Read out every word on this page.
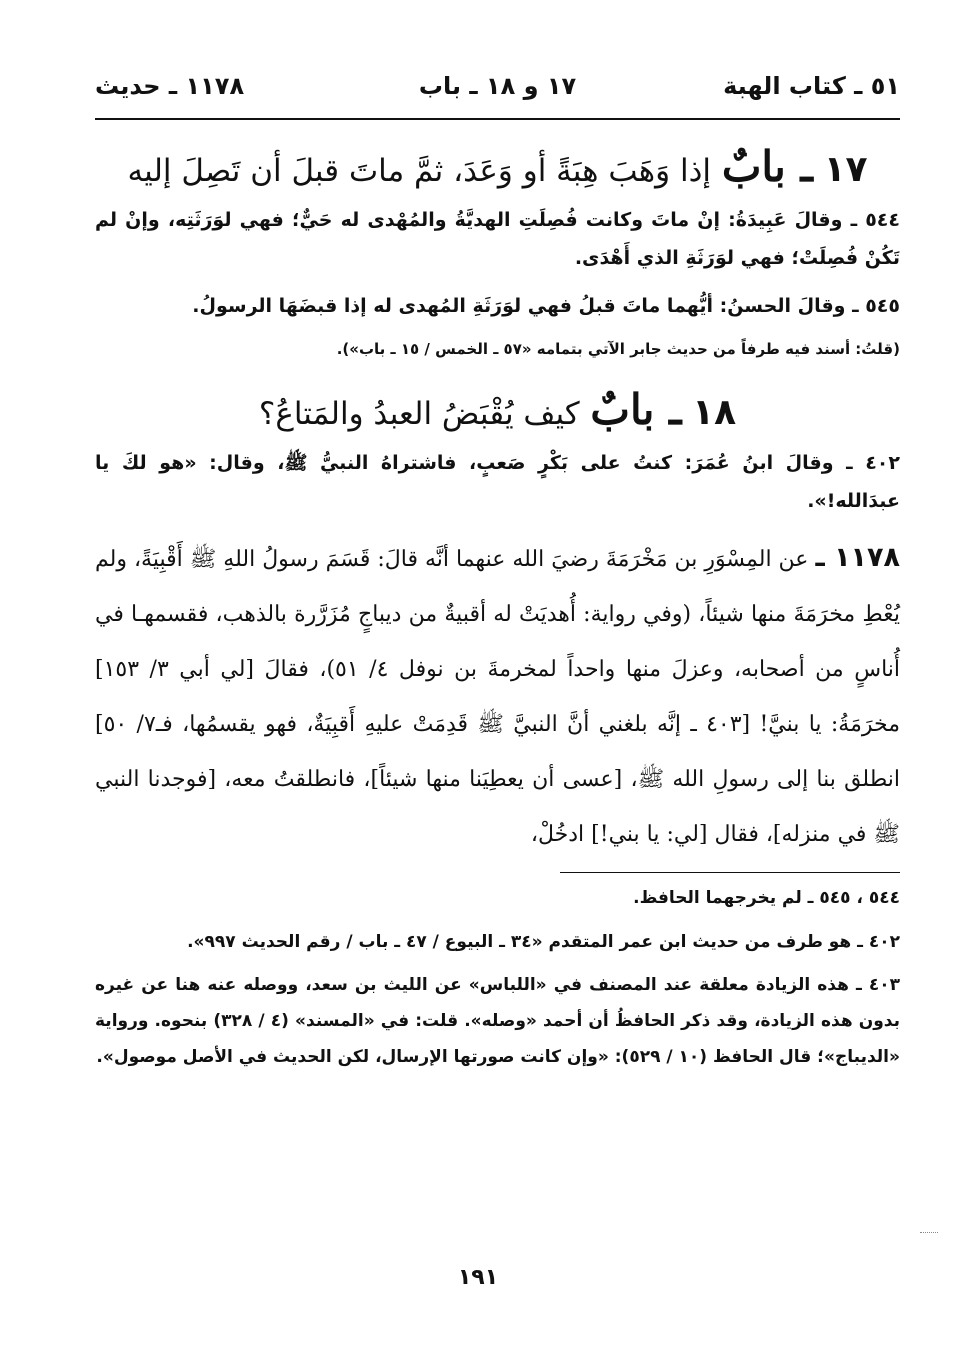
٥١ ـ كتاب الهبة
١٧ و ١٨ ـ باب
١١٧٨ ـ حديث
١٧ ـ بابٌ إذا وَهَبَ هِبَةً أو وَعَدَ، ثمَّ ماتَ قبلَ أن تَصِلَ إليه

٥٤٤ ـ وقالَ عَبِيدَةُ: إنْ ماتَ وكانت فُصِلَتِ الهديَّةُ والمُهْدى له حَيٌّ؛ فهي لوَرَثَتِه، وإنْ لم تَكُنْ فُصِلَتْ؛ فهي لوَرَثَةِ الذي أَهْدَى.

٥٤٥ ـ وقالَ الحسنُ: أيُّهما ماتَ قبلُ فهي لوَرَثَةِ المُهدى له إذا قبضَهَا الرسولُ.

(قلتُ: أسند فيه طرفاً من حديث جابر الآتي بتمامه «٥٧ ـ الخمس / ١٥ ـ باب»).

١٨ ـ بابٌ كيف يُقْبَضُ العبدُ والمَتاعُ؟

٤٠٢ ـ وقالَ ابنُ عُمَرَ: كنتُ على بَكْرٍ صَعبٍ، فاشتراهُ النبيُّ ﷺ، وقال: «هو لكَ يا عبدَالله!».

١١٧٨ ـ عن المِسْوَرِ بن مَخْرَمَةَ رضيَ الله عنهما أنَّه قالَ: قَسَمَ رسولُ اللهِ ﷺ أَقْبِيَةً، ولم يُعْطِ مخرَمَةَ منها شيئاً، (وفي رواية: أُهديَتْ له أقبيةٌ من ديباجٍ مُزَرَّرة بالذهب، فقسمهـا في أُناسٍ من أصحابه، وعزلَ منها واحداً لمخرمةَ بن نوفل ٤/ ٥١)، فقالَ [لي أبي ٣/ ١٥٣] مخرَمَةُ: يا بنيَّ! [٤٠٣ ـ إنَّه بلغني أنَّ النبيَّ ﷺ قَدِمَتْ عليهِ أَقبِيَةٌ، فهو يقسمُها، فـ٧/ ٥٠] انطلق بنا إلى رسولِ الله ﷺ، [عسى أن يعطِيَنا منها شيئاً]، فانطلقتُ معه، [فوجدنا النبي ﷺ في منزله]، فقال [لي: يا بني!] ادخُلْ،

٥٤٤ ، ٥٤٥ ـ لم يخرجهما الحافظ.

٤٠٢ ـ هو طرف من حديث ابن عمر المتقدم «٣٤ ـ البيوع / ٤٧ ـ باب / رقم الحديث ٩٩٧».

٤٠٣ ـ هذه الزيادة معلقة عند المصنف في «اللباس» عن الليث بن سعد، ووصله عنه هنا عن غيره بدون هذه الزيادة، وقد ذكر الحافظُ أن أحمد «وصله». قلت: في «المسند» (٤ / ٣٢٨) بنحوه. ورواية «الديباج»؛ قال الحافظ (١٠ / ٥٢٩): «وإن كانت صورتها الإرسال، لكن الحديث في الأصل موصول».

١٩١
